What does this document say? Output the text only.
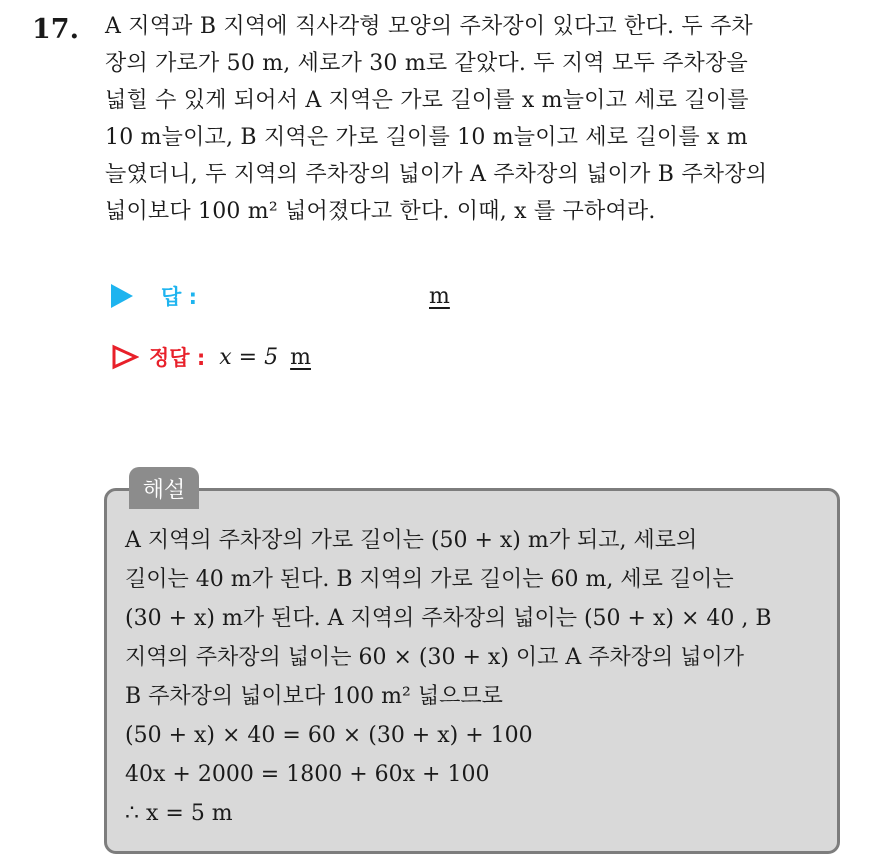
17. A 지역과 B 지역에 직사각형 모양의 주차장이 있다고 한다. 두 주차
장의 가로가 50 m, 세로가 30 m로 같았다. 두 지역 모두 주차장을
넓힐 수 있게 되어서 A 지역은 가로 길이를 x m늘이고 세로 길이를
10 m늘이고, B 지역은 가로 길이를 10 m늘이고 세로 길이를 x m
늘였더니, 두 지역의 주차장의 넓이가 A 주차장의 넓이가 B 주차장의
넓이보다 100 m² 넓어졌다고 한다. 이때, x 를 구하여라.
답 :	m
정답 : x = 5 m
해설
A 지역의 주차장의 가로 길이는 (50 + x) m가 되고, 세로의
길이는 40 m가 된다. B 지역의 가로 길이는 60 m, 세로 길이는
(30 + x) m가 된다. A 지역의 주차장의 넓이는 (50 + x) × 40 , B
지역의 주차장의 넓이는 60 × (30 + x) 이고 A 주차장의 넓이가
B 주차장의 넓이보다 100 m² 넓으므로
(50 + x) × 40 = 60 × (30 + x) + 100
40x + 2000 = 1800 + 60x + 100
∴ x = 5 m
